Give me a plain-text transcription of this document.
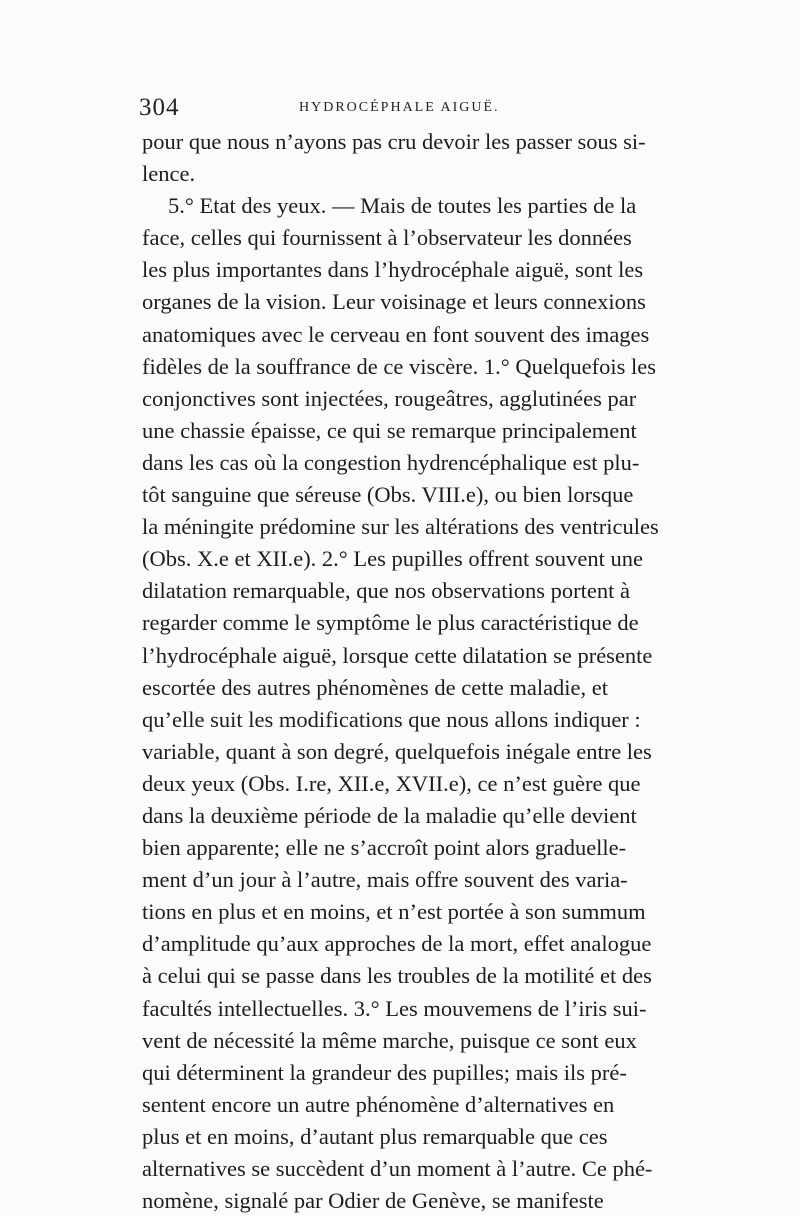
304	HYDROCÉPHALE AIGUË.
pour que nous n’ayons pas cru devoir les passer sous si-
lence.
5.° Etat des yeux. — Mais de toutes les parties de la
face, celles qui fournissent à l’observateur les données
les plus importantes dans l’hydrocéphale aiguë, sont les
organes de la vision. Leur voisinage et leurs connexions
anatomiques avec le cerveau en font souvent des images
fidèles de la souffrance de ce viscère. 1.° Quelquefois les
conjonctives sont injectées, rougeâtres, agglutinées par
une chassie épaisse, ce qui se remarque principalement
dans les cas où la congestion hydrencéphalique est plu-
tôt sanguine que séreuse (Obs. VIII.e), ou bien lorsque
la méningite prédomine sur les altérations des ventricules
(Obs. X.e et XII.e). 2.° Les pupilles offrent souvent une
dilatation remarquable, que nos observations portent à
regarder comme le symptôme le plus caractéristique de
l’hydrocéphale aiguë, lorsque cette dilatation se présente
escortée des autres phénomènes de cette maladie, et
qu’elle suit les modifications que nous allons indiquer :
variable, quant à son degré, quelquefois inégale entre les
deux yeux (Obs. I.re, XII.e, XVII.e), ce n’est guère que
dans la deuxième période de la maladie qu’elle devient
bien apparente; elle ne s’accroît point alors graduelle-
ment d’un jour à l’autre, mais offre souvent des varia-
tions en plus et en moins, et n’est portée à son summum
d’amplitude qu’aux approches de la mort, effet analogue
à celui qui se passe dans les troubles de la motilité et des
facultés intellectuelles. 3.° Les mouvemens de l’iris sui-
vent de nécessité la même marche, puisque ce sont eux
qui déterminent la grandeur des pupilles; mais ils pré-
sentent encore un autre phénomène d’alternatives en
plus et en moins, d’autant plus remarquable que ces
alternatives se succèdent d’un moment à l’autre. Ce phé-
nomène, signalé par Odier de Genève, se manifeste
